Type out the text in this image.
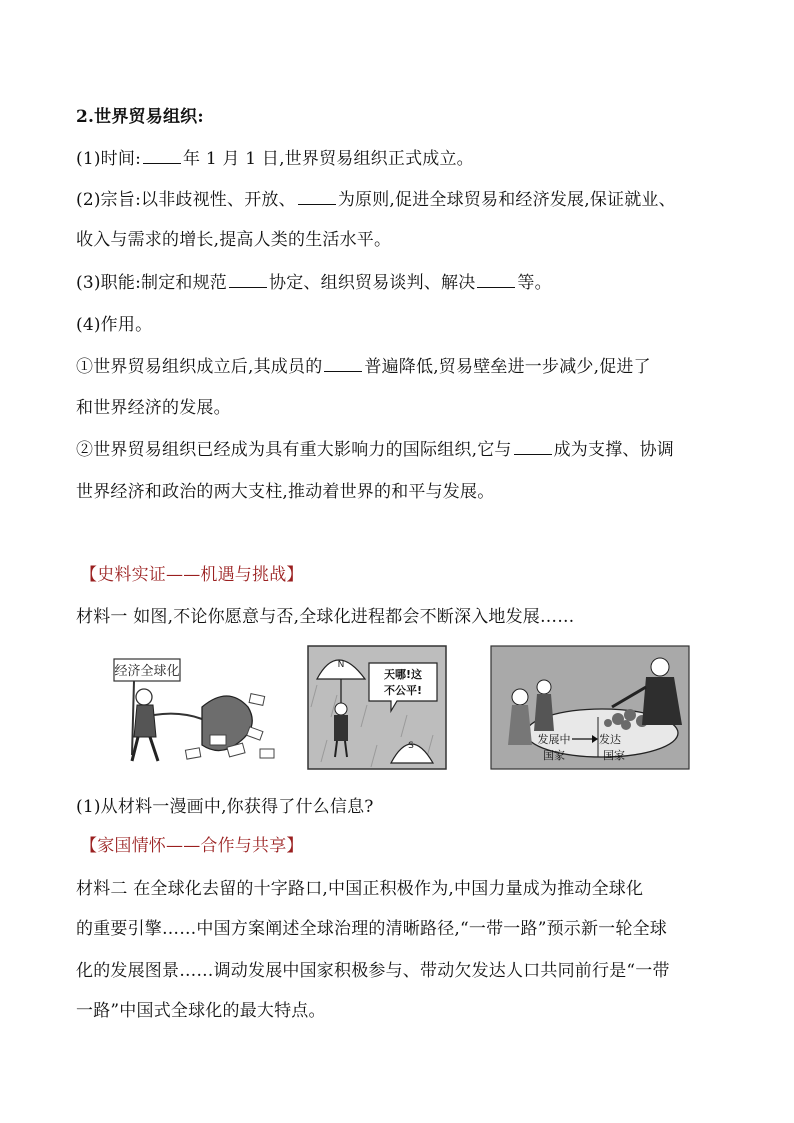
2.世界贸易组织:
(1)时间: 年 1 月 1 日,世界贸易组织正式成立。
(2)宗旨:以非歧视性、开放、 为原则,促进全球贸易和经济发展,保证就业、
收入与需求的增长,提高人类的生活水平。
(3)职能:制定和规范 协定、组织贸易谈判、解决 等。
(4)作用。
①世界贸易组织成立后,其成员的 普遍降低,贸易壁垒进一步减少,促进了
和世界经济的发展。
②世界贸易组织已经成为具有重大影响力的国际组织,它与 成为支撑、协调
世界经济和政治的两大支柱,推动着世界的和平与发展。
【史料实证——机遇与挑战】
材料一 如图,不论你愿意与否,全球化进程都会不断深入地发展……
经济全球化	N
天哪!这
不公平!
S	发展中
国家
发达
国家
(1)从材料一漫画中,你获得了什么信息?
【家国情怀——合作与共享】
材料二 在全球化去留的十字路口,中国正积极作为,中国力量成为推动全球化
的重要引擎……中国方案阐述全球治理的清晰路径,“一带一路”预示新一轮全球
化的发展图景……调动发展中国家积极参与、带动欠发达人口共同前行是“一带
一路”中国式全球化的最大特点。
